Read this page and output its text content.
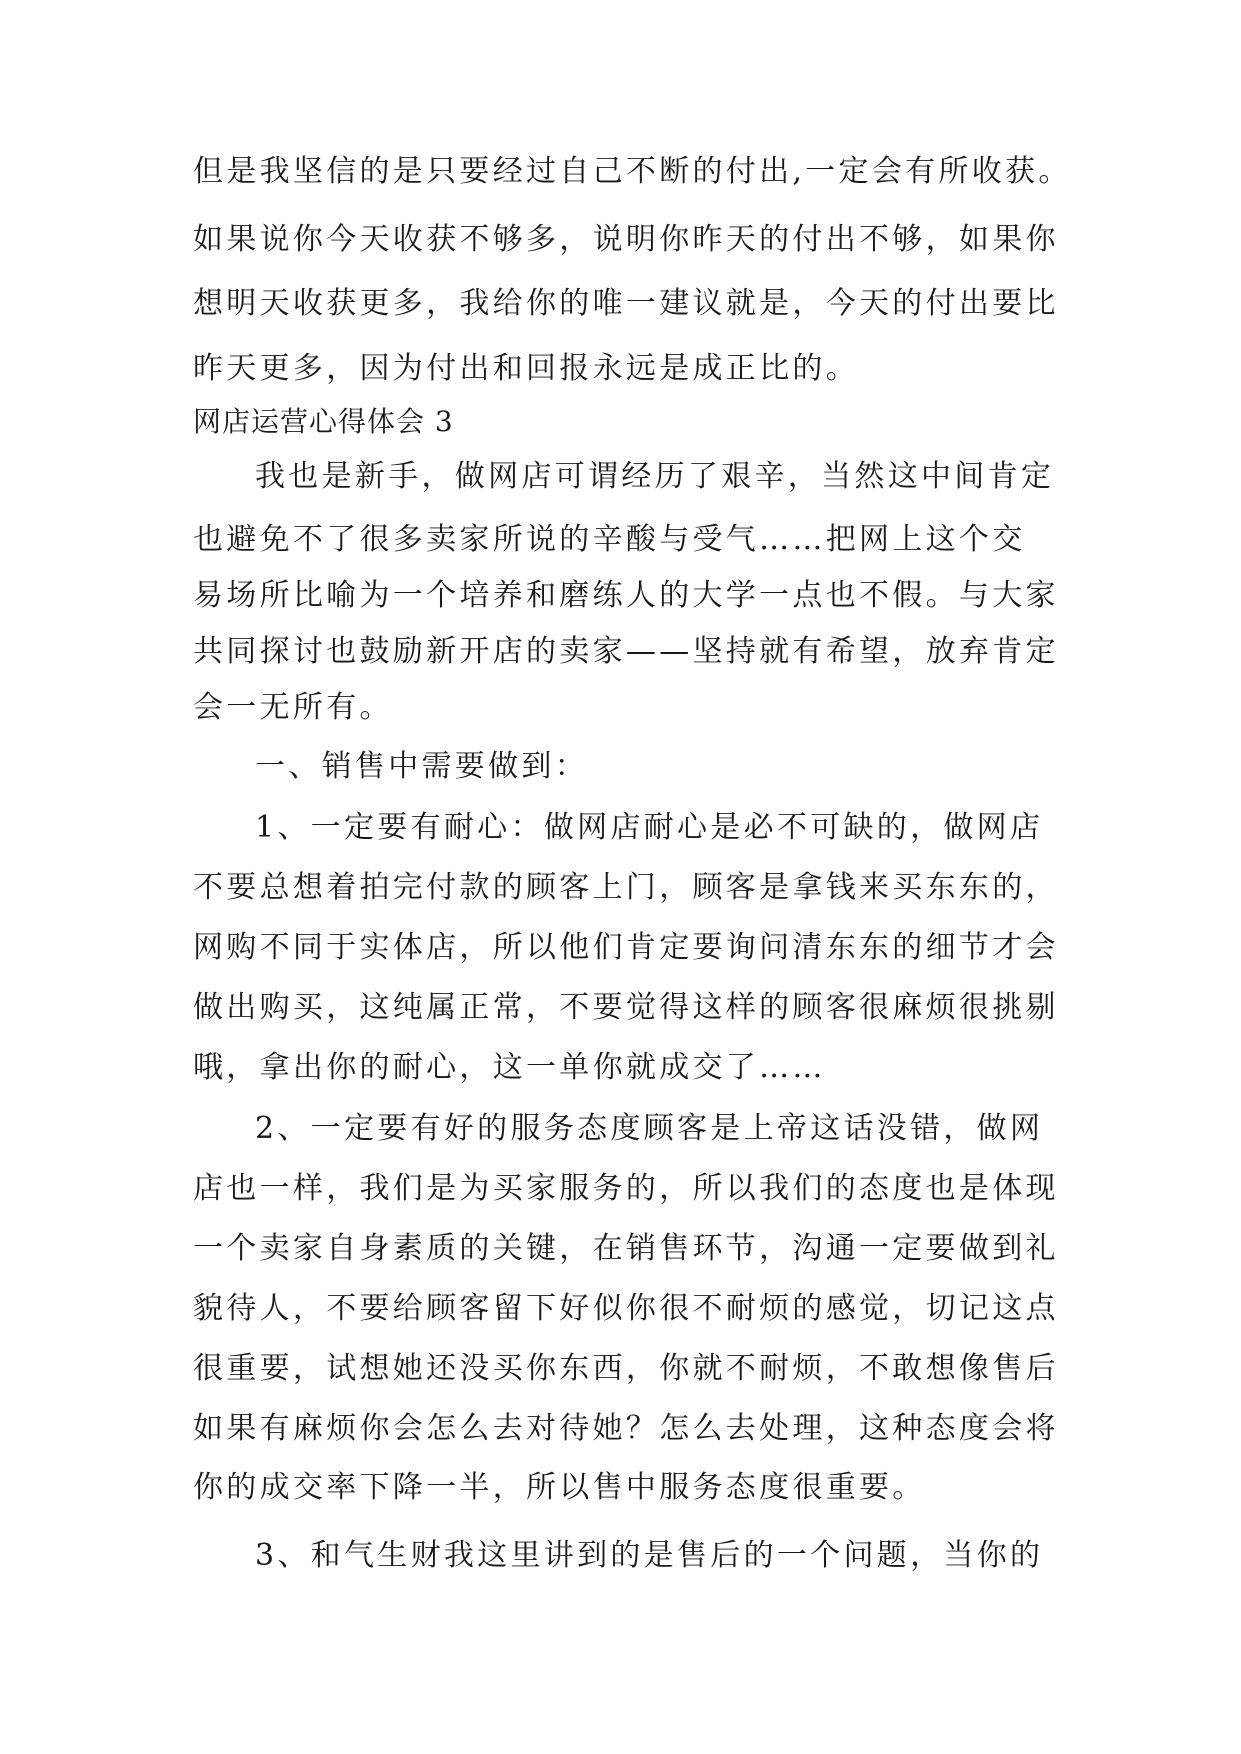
但是我坚信的是只要经过自己不断的付出,一定会有所收获。
如果说你今天收获不够多，说明你昨天的付出不够，如果你
想明天收获更多，我给你的唯一建议就是，今天的付出要比
昨天更多，因为付出和回报永远是成正比的。
网店运营心得体会 3
我也是新手，做网店可谓经历了艰辛，当然这中间肯定
也避免不了很多卖家所说的辛酸与受气……把网上这个交
易场所比喻为一个培养和磨练人的大学一点也不假。与大家
共同探讨也鼓励新开店的卖家——坚持就有希望，放弃肯定
会一无所有。
一、销售中需要做到：
1、一定要有耐心：做网店耐心是必不可缺的，做网店
不要总想着拍完付款的顾客上门，顾客是拿钱来买东东的，
网购不同于实体店，所以他们肯定要询问清东东的细节才会
做出购买，这纯属正常，不要觉得这样的顾客很麻烦很挑剔
哦，拿出你的耐心，这一单你就成交了……
2、一定要有好的服务态度顾客是上帝这话没错，做网
店也一样，我们是为买家服务的，所以我们的态度也是体现
一个卖家自身素质的关键，在销售环节，沟通一定要做到礼
貌待人，不要给顾客留下好似你很不耐烦的感觉，切记这点
很重要，试想她还没买你东西，你就不耐烦，不敢想像售后
如果有麻烦你会怎么去对待她？怎么去处理，这种态度会将
你的成交率下降一半，所以售中服务态度很重要。
3、和气生财我这里讲到的是售后的一个问题，当你的
